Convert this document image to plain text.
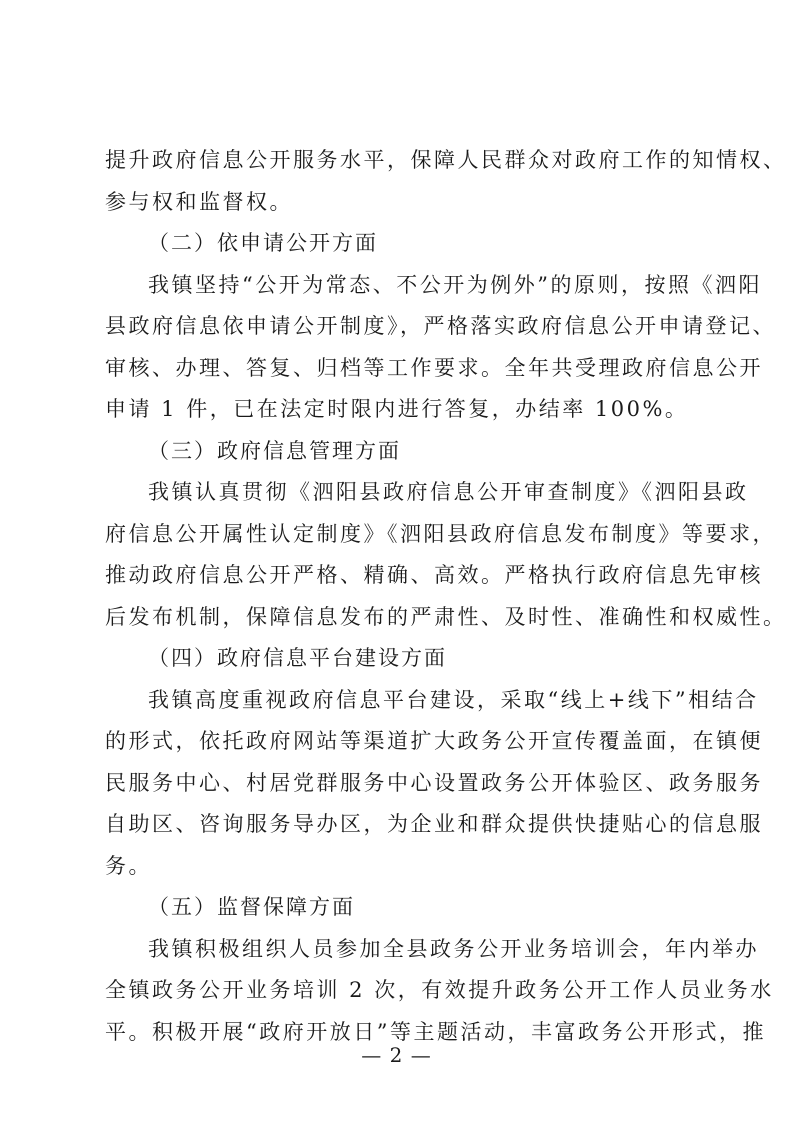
提升政府信息公开服务水平，保障人民群众对政府工作的知情权、
参与权和监督权。
（二）依申请公开方面
我镇坚持“公开为常态、不公开为例外”的原则，按照《泗阳
县政府信息依申请公开制度》，严格落实政府信息公开申请登记、
审核、办理、答复、归档等工作要求。全年共受理政府信息公开
申请 1 件，已在法定时限内进行答复，办结率 100%。
（三）政府信息管理方面
我镇认真贯彻《泗阳县政府信息公开审查制度》《泗阳县政
府信息公开属性认定制度》《泗阳县政府信息发布制度》等要求，
推动政府信息公开严格、精确、高效。严格执行政府信息先审核
后发布机制，保障信息发布的严肃性、及时性、准确性和权威性。
（四）政府信息平台建设方面
我镇高度重视政府信息平台建设，采取“线上+线下”相结合
的形式，依托政府网站等渠道扩大政务公开宣传覆盖面，在镇便
民服务中心、村居党群服务中心设置政务公开体验区、政务服务
自助区、咨询服务导办区，为企业和群众提供快捷贴心的信息服
务。
（五）监督保障方面
我镇积极组织人员参加全县政务公开业务培训会，年内举办
全镇政务公开业务培训 2 次，有效提升政务公开工作人员业务水
平。积极开展“政府开放日”等主题活动，丰富政务公开形式，推
— 2 —
